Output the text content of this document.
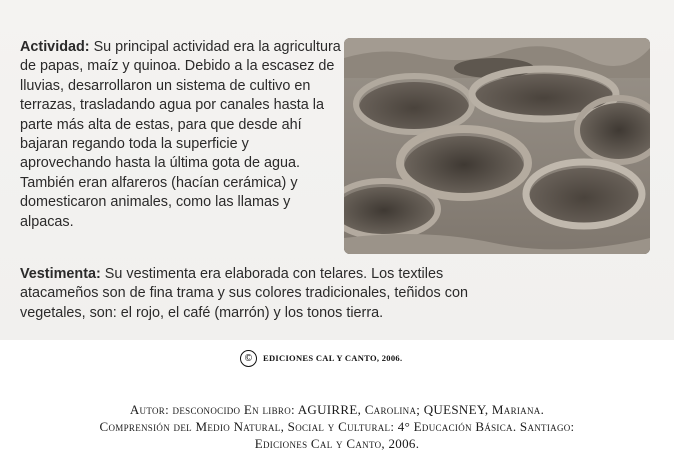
Actividad: Su principal actividad era la agricultura de papas, maíz y quinoa. Debido a la escasez de lluvias, desarrollaron un sistema de cultivo en terrazas, trasladando agua por canales hasta la parte más alta de estas, para que desde ahí bajaran regando toda la superficie y aprovechando hasta la última gota de agua. También eran alfareros (hacían cerámica) y domesticaron animales, como las llamas y alpacas.

Vestimenta: Su vestimenta era elaborada con telares. Los textiles atacameños son de fina trama y sus colores tradicionales, teñidos con vegetales, son: el rojo, el café (marrón) y los tonos tierra.

©	EDICIONES CAL Y CANTO, 2006.

Autor: desconocido En libro: AGUIRRE, Carolina; QUESNEY, Mariana.
Comprensión del Medio Natural, Social y Cultural: 4° Educación Básica. Santiago:
Ediciones Cal y Canto, 2006.
